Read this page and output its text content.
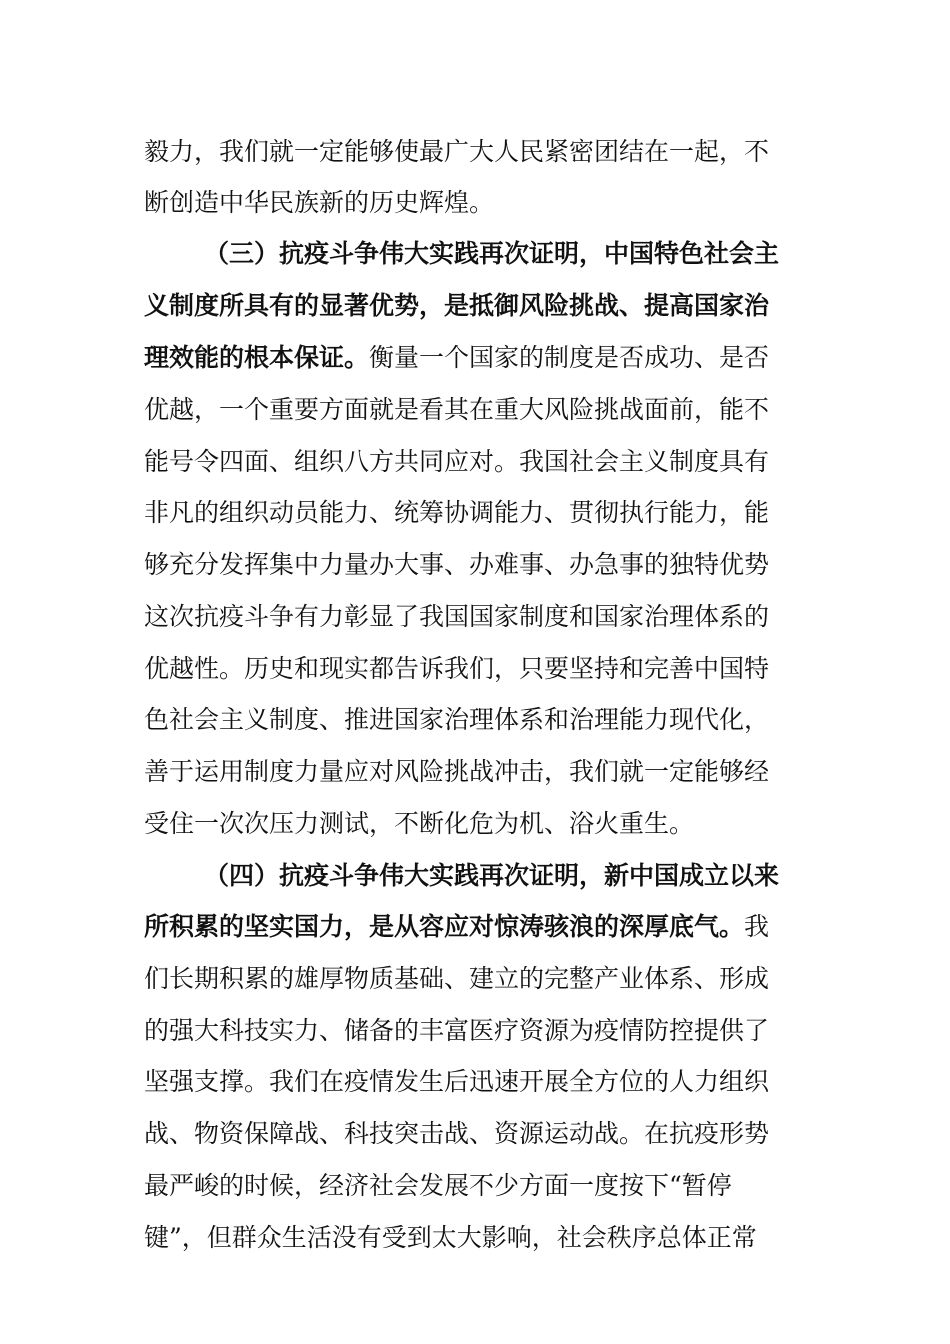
毅力，我们就一定能够使最广大人民紧密团结在一起，不
断创造中华民族新的历史辉煌。
（三）抗疫斗争伟大实践再次证明，中国特色社会主
义制度所具有的显著优势，是抵御风险挑战、提高国家治
理效能的根本保证。衡量一个国家的制度是否成功、是否
优越，一个重要方面就是看其在重大风险挑战面前，能不
能号令四面、组织八方共同应对。我国社会主义制度具有
非凡的组织动员能力、统筹协调能力、贯彻执行能力，能
够充分发挥集中力量办大事、办难事、办急事的独特优势
这次抗疫斗争有力彰显了我国国家制度和国家治理体系的
优越性。历史和现实都告诉我们，只要坚持和完善中国特
色社会主义制度、推进国家治理体系和治理能力现代化，
善于运用制度力量应对风险挑战冲击，我们就一定能够经
受住一次次压力测试，不断化危为机、浴火重生。
（四）抗疫斗争伟大实践再次证明，新中国成立以来
所积累的坚实国力，是从容应对惊涛骇浪的深厚底气。我
们长期积累的雄厚物质基础、建立的完整产业体系、形成
的强大科技实力、储备的丰富医疗资源为疫情防控提供了
坚强支撑。我们在疫情发生后迅速开展全方位的人力组织
战、物资保障战、科技突击战、资源运动战。在抗疫形势
最严峻的时候，经济社会发展不少方面一度按下“暂停
键”，但群众生活没有受到太大影响，社会秩序总体正常
